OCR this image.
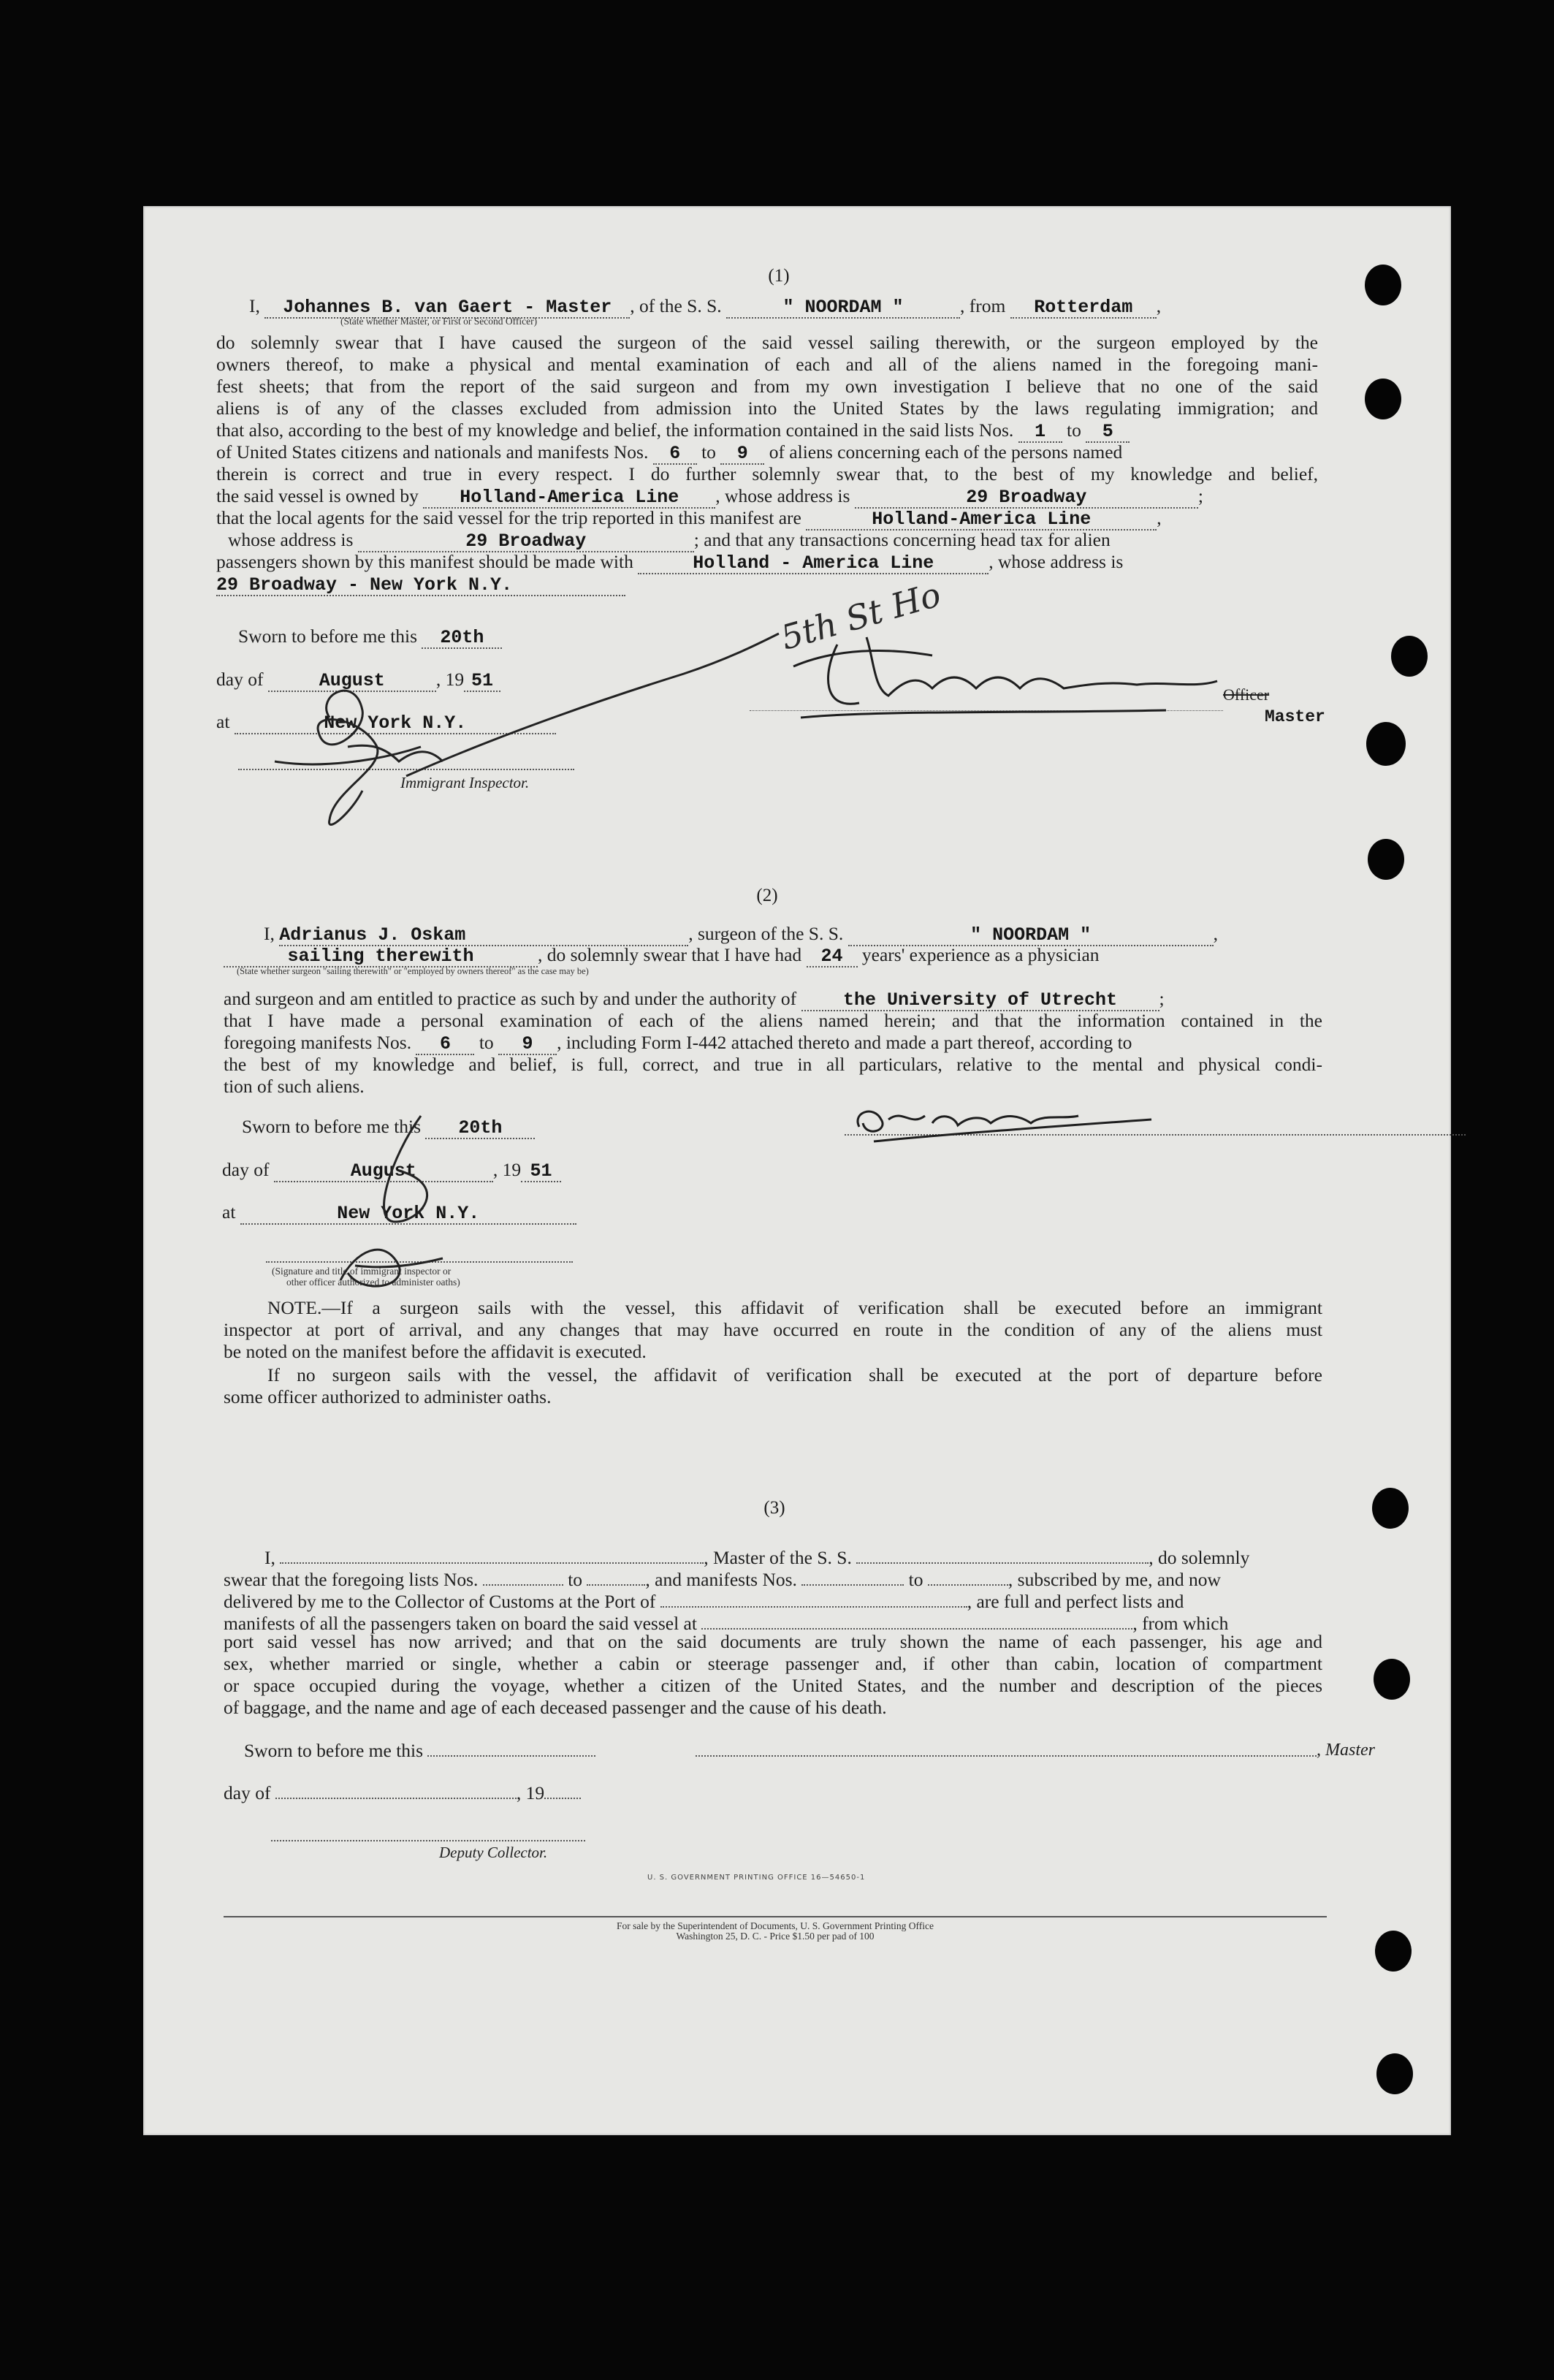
(1)
I, Johannes B. van Gaert - Master , of the S. S.	" NOORDAM "	, from Rotterdam ,
(State whether Master, or First or Second Officer)
do solemnly swear that I have caused the surgeon of the said vessel sailing therewith, or the surgeon employed by the
owners thereof, to make a physical and mental examination of each and all of the aliens named in the foregoing mani-
fest sheets; that from the report of the said surgeon and from my own investigation I believe that no one of the said
aliens is of any of the classes excluded from admission into the United States by the laws regulating immigration; and
that also, according to the best of my knowledge and belief, the information contained in the said lists Nos. 1 to 5
of United States citizens and nationals and manifests Nos. 6 to 9 of aliens concerning each of the persons named
therein is correct and true in every respect. I do further solemnly swear that, to the best of my knowledge and belief,
the said vessel is owned by Holland-America Line , whose address is	29 Broadway	;
that the local agents for the said vessel for the trip reported in this manifest are	Holland-America Line	,
whose address is	29 Broadway	; and that any transactions concerning head tax for alien
passengers shown by this manifest should be made with	Holland - America Line	, whose address is
29 Broadway - New York N.Y.
Sworn to before me this 20th
day of	August	, 19 51
at	New York N.Y.
Immigrant Inspector.
Officer
Master
5th St Ho
(2)
I, Adrianus J. Oskam	, surgeon of the S. S.	" NOORDAM "	,
sailing therewith	, do solemnly swear that I have had 24 years' experience as a physician
(State whether surgeon "sailing therewith" or "employed by owners thereof" as the case may be)
and surgeon and am entitled to practice as such by and under the authority of	the University of Utrecht ;
that I have made a personal examination of each of the aliens named herein; and that the information contained in the
foregoing manifests Nos. 6 to 9 , including Form I-442 attached thereto and made a part thereof, according to
the best of my knowledge and belief, is full, correct, and true in all particulars, relative to the mental and physical condi-
tion of such aliens.
Sworn to before me this 20th
day of	August	, 19 51
at	New York N.Y.
(Signature and title of immigrant inspector or
other officer authorized to administer oaths)
NOTE.—If a surgeon sails with the vessel, this affidavit of verification shall be executed before an immigrant
inspector at port of arrival, and any changes that may have occurred en route in the condition of any of the aliens must
be noted on the manifest before the affidavit is executed.
If no surgeon sails with the vessel, the affidavit of verification shall be executed at the port of departure before
some officer authorized to administer oaths.
(3)
I,	, Master of the S. S.	, do solemnly
swear that the foregoing lists Nos.	to	, and manifests Nos.	to	, subscribed by me, and now
delivered by me to the Collector of Customs at the Port of	, are full and perfect lists and
manifests of all the passengers taken on board the said vessel at	, from which
port said vessel has now arrived; and that on the said documents are truly shown the name of each passenger, his age and
sex, whether married or single, whether a cabin or steerage passenger and, if other than cabin, location of compartment
or space occupied during the voyage, whether a citizen of the United States, and the number and description of the pieces
of baggage, and the name and age of each deceased passenger and the cause of his death.
Sworn to before me this	, Master
day of	, 19
Deputy Collector.
U. S. GOVERNMENT PRINTING OFFICE 16—54650-1
For sale by the Superintendent of Documents, U. S. Government Printing Office
Washington 25, D. C. - Price $1.50 per pad of 100
